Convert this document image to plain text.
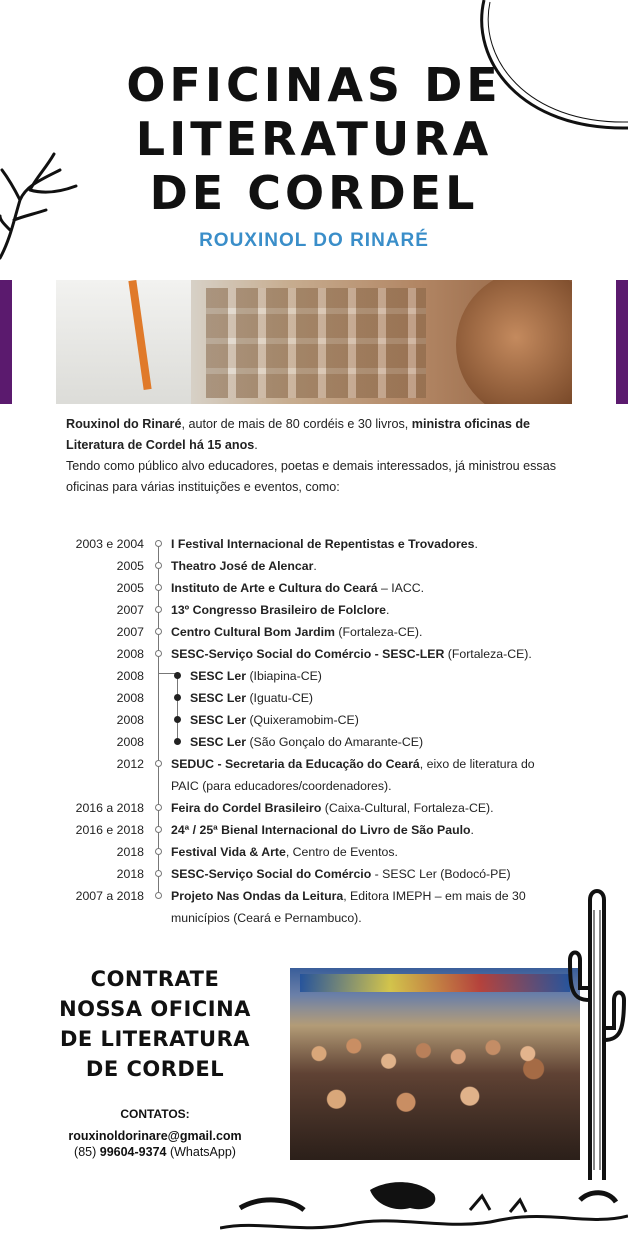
OFICINAS DE
LITERATURA
DE CORDEL
ROUXINOL DO RINARÉ

Rouxinol do Rinaré, autor de mais de 80 cordéis e 30 livros, ministra oficinas de Literatura de Cordel há 15 anos.

Tendo como público alvo educadores, poetas e demais interessados, já ministrou essas oficinas para várias instituições e eventos, como:

2003 e 2004 I Festival Internacional de Repentistas e Trovadores.
2005 Theatro José de Alencar.
2005 Instituto de Arte e Cultura do Ceará – IACC.
2007 13º Congresso Brasileiro de Folclore.
2007 Centro Cultural Bom Jardim (Fortaleza-CE).
2008 SESC-Serviço Social do Comércio - SESC-LER (Fortaleza-CE).
2008	SESC Ler (Ibiapina-CE)
2008	SESC Ler (Iguatu-CE)
2008	SESC Ler (Quixeramobim-CE)
2008	SESC Ler (São Gonçalo do Amarante-CE)
2012 SEDUC - Secretaria da Educação do Ceará, eixo de literatura do
PAIC (para educadores/coordenadores).
2016 a 2018 Feira do Cordel Brasileiro (Caixa-Cultural, Fortaleza-CE).
2016 e 2018 24ª / 25ª Bienal Internacional do Livro de São Paulo.
2018 Festival Vida & Arte, Centro de Eventos.
2018 SESC-Serviço Social do Comércio - SESC Ler (Bodocó-PE)
2007 a 2018 Projeto Nas Ondas da Leitura, Editora IMEPH – em mais de 30
municípios (Ceará e Pernambuco).
CONTRATE
NOSSA OFICINA
DE LITERATURA
DE CORDEL
CONTATOS:
rouxinoldorinare@gmail.com
(85) 99604-9374 (WhatsApp)
